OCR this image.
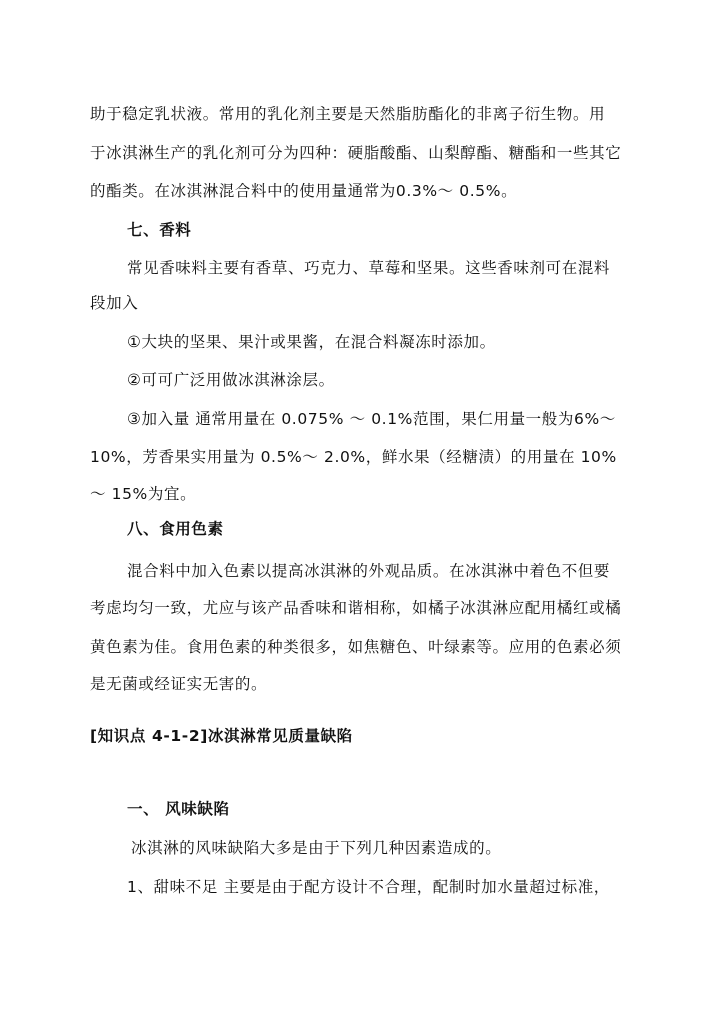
助于稳定乳状液。常用的乳化剂主要是天然脂肪酯化的非离子衍生物。用
于冰淇淋生产的乳化剂可分为四种：硬脂酸酯、山梨醇酯、糖酯和一些其它
的酯类。在冰淇淋混合料中的使用量通常为0.3%～ 0.5%。
七、香料
常见香味料主要有香草、巧克力、草莓和坚果。这些香味剂可在混料
段加入
①大块的坚果、果汁或果酱，在混合料凝冻时添加。
②可可广泛用做冰淇淋涂层。
③加入量 通常用量在 0.075% ～ 0.1%范围，果仁用量一般为6%～
10%，芳香果实用量为 0.5%～ 2.0%，鲜水果（经糖渍）的用量在 10%
～ 15%为宜。
八、食用色素
混合料中加入色素以提高冰淇淋的外观品质。在冰淇淋中着色不但要
考虑均匀一致，尤应与该产品香味和谐相称，如橘子冰淇淋应配用橘红或橘
黄色素为佳。食用色素的种类很多，如焦糖色、叶绿素等。应用的色素必须
是无菌或经证实无害的。
[知识点 4-1-2]冰淇淋常见质量缺陷
一、 风味缺陷
冰淇淋的风味缺陷大多是由于下列几种因素造成的。
1、甜味不足 主要是由于配方设计不合理，配制时加水量超过标准，
